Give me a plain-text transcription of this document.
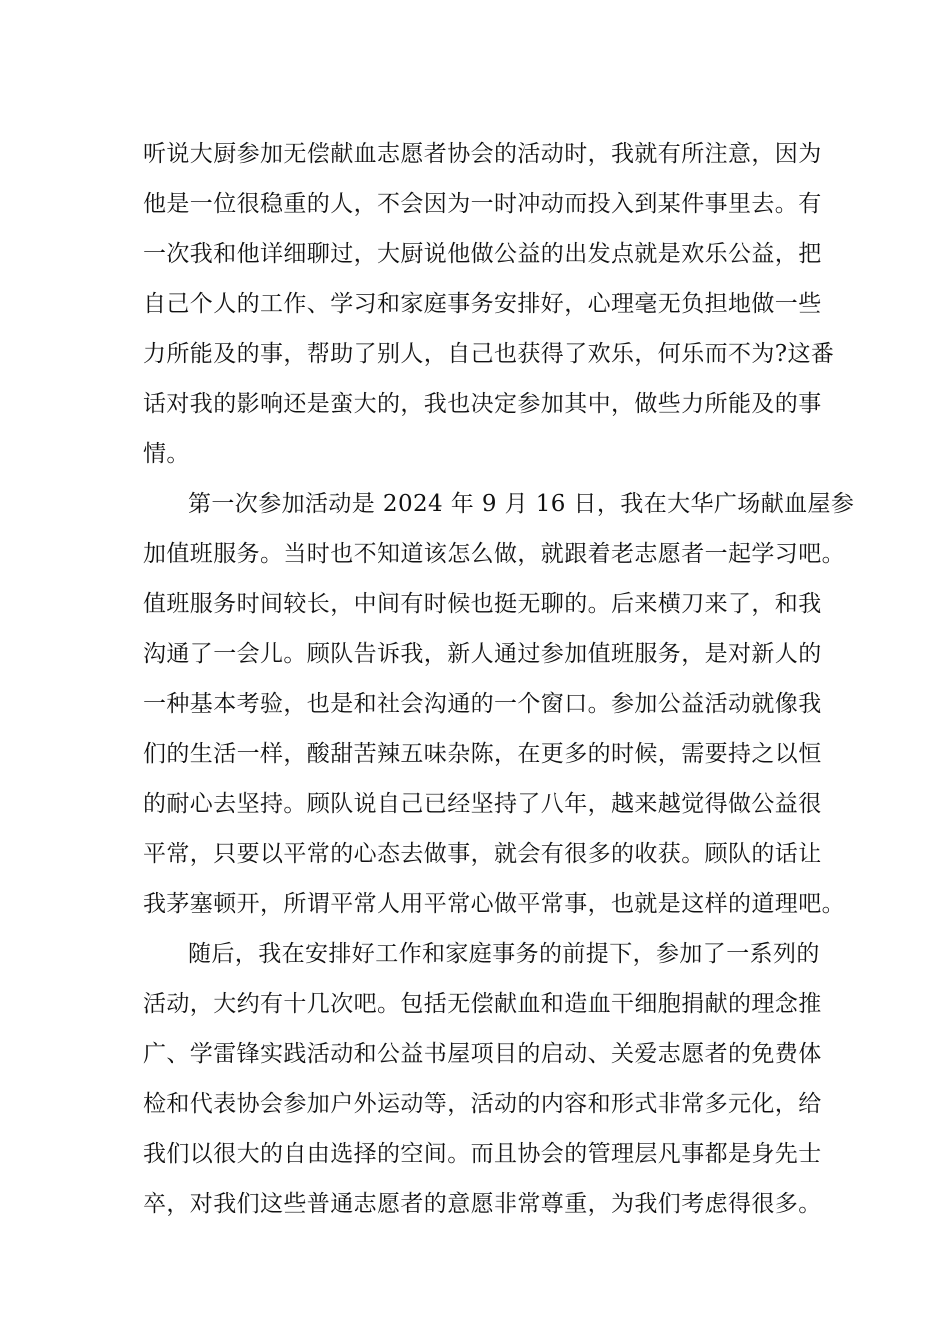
听说大厨参加无偿献血志愿者协会的活动时，我就有所注意，因为
他是一位很稳重的人，不会因为一时冲动而投入到某件事里去。有
一次我和他详细聊过，大厨说他做公益的出发点就是欢乐公益，把
自己个人的工作、学习和家庭事务安排好，心理毫无负担地做一些
力所能及的事，帮助了别人，自己也获得了欢乐，何乐而不为?这番
话对我的影响还是蛮大的，我也决定参加其中，做些力所能及的事
情。
第一次参加活动是 2024 年 9 月 16 日，我在大华广场献血屋参
加值班服务。当时也不知道该怎么做，就跟着老志愿者一起学习吧。
值班服务时间较长，中间有时候也挺无聊的。后来横刀来了，和我
沟通了一会儿。顾队告诉我，新人通过参加值班服务，是对新人的
一种基本考验，也是和社会沟通的一个窗口。参加公益活动就像我
们的生活一样，酸甜苦辣五味杂陈，在更多的时候，需要持之以恒
的耐心去坚持。顾队说自己已经坚持了八年，越来越觉得做公益很
平常，只要以平常的心态去做事，就会有很多的收获。顾队的话让
我茅塞顿开，所谓平常人用平常心做平常事，也就是这样的道理吧。
随后，我在安排好工作和家庭事务的前提下，参加了一系列的
活动，大约有十几次吧。包括无偿献血和造血干细胞捐献的理念推
广、学雷锋实践活动和公益书屋项目的启动、关爱志愿者的免费体
检和代表协会参加户外运动等，活动的内容和形式非常多元化，给
我们以很大的自由选择的空间。而且协会的管理层凡事都是身先士
卒，对我们这些普通志愿者的意愿非常尊重，为我们考虑得很多。
